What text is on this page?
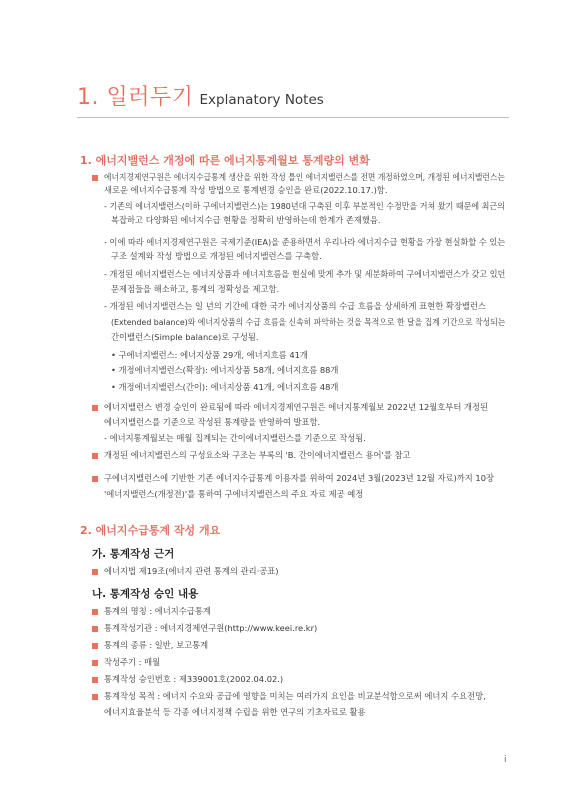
1. 일러두기 Explanatory Notes
1. 에너지밸런스 개정에 따른 에너지통계월보 통계량의 변화
에너지경제연구원은 에너지수급통계 생산을 위한 작성 틀인 에너지밸런스를 전면 개정하였으며, 개정된 에너지밸런스는
새로운 에너지수급통계 작성 방법으로 통계변경 승인을 완료(2022.10.17.)함.
- 기존의 에너지밸런스(이하 구에너지밸런스)는 1980년대 구축된 이후 부분적인 수정만을 거쳐 왔기 때문에 최근의
복잡하고 다양화된 에너지수급 현황을 정확히 반영하는데 한계가 존재했음.
- 이에 따라 에너지경제연구원은 국제기준(IEA)을 준용하면서 우리나라 에너지수급 현황을 가장 현실화할 수 있는
구조 설계와 작성 방법으로 개정된 에너지밸런스를 구축함.
- 개정된 에너지밸런스는 에너지상품과 에너지흐름을 현실에 맞게 추가 및 세분화하여 구에너지밸런스가 갖고 있던
문제점들을 해소하고, 통계의 정확성을 제고함.
- 개정된 에너지밸런스는 일 년의 기간에 대한 국가 에너지상품의 수급 흐름을 상세하게 표현한 확장밸런스
(Extended balance)와 에너지상품의 수급 흐름을 신속히 파악하는 것을 목적으로 한 달을 집계 기간으로 작성되는
간이밸런스(Simple balance)로 구성됨.
• 구에너지밸런스: 에너지상품 29개, 에너지흐름 41개
• 개정에너지밸런스(확장): 에너지상품 58개, 에너지흐름 88개
• 개정에너지밸런스(간이): 에너지상품 41개, 에너지흐름 48개
에너지밸런스 변경 승인이 완료됨에 따라 에너지경제연구원은 에너지통계월보 2022년 12월호부터 개정된
에너지밸런스를 기준으로 작성된 통계량을 반영하여 발표함.
- 에너지통계월보는 매월 집계되는 간이에너지밸런스를 기준으로 작성됨.
개정된 에너지밸런스의 구성요소와 구조는 부록의 'B. 간이에너지밸런스 용어'를 참고
구에너지밸런스에 기반한 기존 에너지수급통계 이용자를 위하여 2024년 3월(2023년 12월 자료)까지 10장
'에너지밸런스(개정전)'를 통하여 구에너지밸런스의 주요 자료 제공 예정
2. 에너지수급통계 작성 개요
가. 통계작성 근거
에너지법 제19조(에너지 관련 통계의 관리·공표)
나. 통계작성 승인 내용
통계의 명칭 : 에너지수급통계
통계작성기관 : 에너지경제연구원(http://www.keei.re.kr)
통계의 종류 : 일반, 보고통계
작성주기 : 매월
통계작성 승인번호 : 제339001호(2002.04.02.)
통계작성 목적 : 에너지 수요와 공급에 영향을 미치는 여러가지 요인을 비교분석함으로써 에너지 수요전망,
에너지효율분석 등 각종 에너지정책 수립을 위한 연구의 기초자료로 활용
i
